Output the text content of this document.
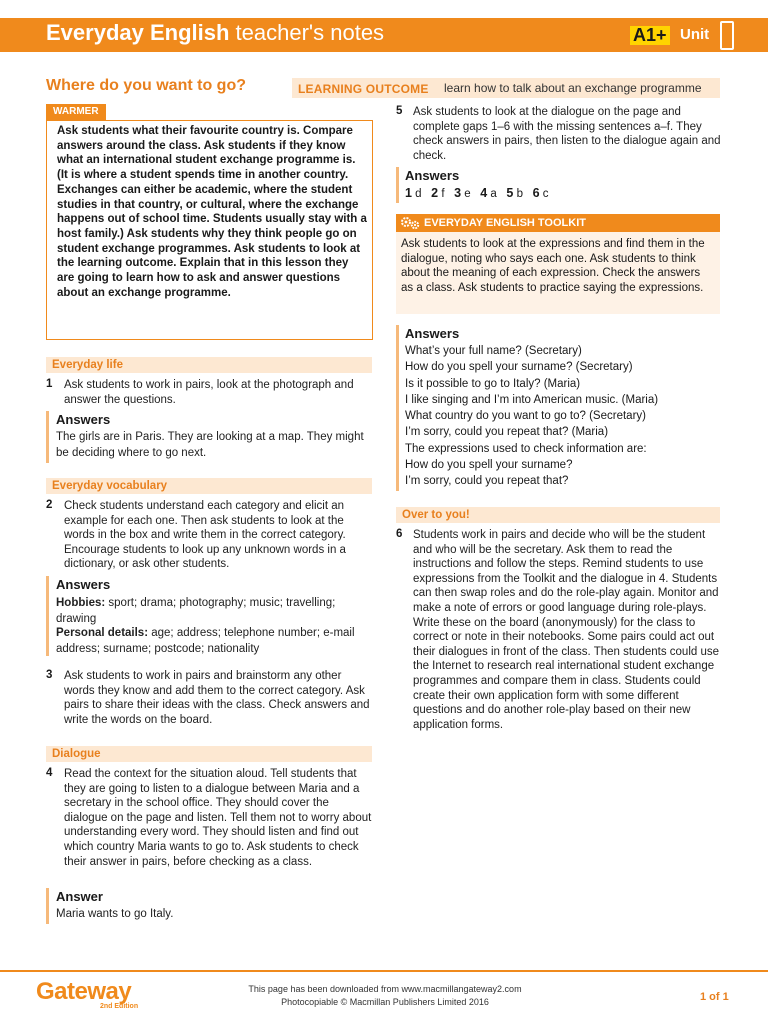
Everyday English teacher's notes	A1+ Unit 1
Where do you want to go?	LEARNING OUTCOME learn how to talk about an exchange programme
WARMER
Ask students what their favourite country is. Compare answers around the class. Ask students if they know what an international student exchange programme is. (It is where a student spends time in another country. Exchanges can either be academic, where the student studies in that country, or cultural, where the exchange happens out of school time. Students usually stay with a host family.) Ask students why they think people go on student exchange programmes. Ask students to look at the learning outcome. Explain that in this lesson they are going to learn how to ask and answer questions about an exchange programme.
Everyday life
1 Ask students to work in pairs, look at the photograph and answer the questions.
Answers
The girls are in Paris. They are looking at a map. They might be deciding where to go next.
Everyday vocabulary
2 Check students understand each category and elicit an example for each one. Then ask students to look at the words in the box and write them in the correct category. Encourage students to look up any unknown words in a dictionary, or ask other students.
Answers
Hobbies: sport; drama; photography; music; travelling; drawing
Personal details: age; address; telephone number; e-mail address; surname; postcode; nationality
3 Ask students to work in pairs and brainstorm any other words they know and add them to the correct category. Ask pairs to share their ideas with the class. Check answers and write the words on the board.
Dialogue
4 Read the context for the situation aloud. Tell students that they are going to listen to a dialogue between Maria and a secretary in the school office. They should cover the dialogue on the page and listen. Tell them not to worry about understanding every word. They should listen and find out which country Maria wants to go to. Ask students to check their answer in pairs, before checking as a class.
Answer
Maria wants to go Italy.
5 Ask students to look at the dialogue on the page and complete gaps 1–6 with the missing sentences a–f. They check answers in pairs, then listen to the dialogue again and check.
Answers
1 d 2 f 3 e 4 a 5 b 6 c
EVERYDAY ENGLISH TOOLKIT
Ask students to look at the expressions and find them in the dialogue, noting who says each one. Ask students to think about the meaning of each expression. Check the answers as a class. Ask students to practice saying the expressions.
Answers
What’s your full name? (Secretary)
How do you spell your surname? (Secretary)
Is it possible to go to Italy? (Maria)
I like singing and I’m into American music. (Maria)
What country do you want to go to? (Secretary)
I’m sorry, could you repeat that? (Maria)
The expressions used to check information are:
How do you spell your surname?
I’m sorry, could you repeat that?
Over to you!
6 Students work in pairs and decide who will be the student and who will be the secretary. Ask them to read the instructions and follow the steps. Remind students to use expressions from the Toolkit and the dialogue in 4. Students can then swap roles and do the role-play again. Monitor and make a note of errors or good language during role-plays. Write these on the board (anonymously) for the class to correct or note in their notebooks. Some pairs could act out their dialogues in front of the class. Then students could use the Internet to research real international student exchange programmes and compare them in class. Students could create their own application form with some different questions and do another role-play based on their new application forms.
Gateway
2nd Edition
This page has been downloaded from www.macmillangateway2.com
Photocopiable © Macmillan Publishers Limited 2016	1 of 1
